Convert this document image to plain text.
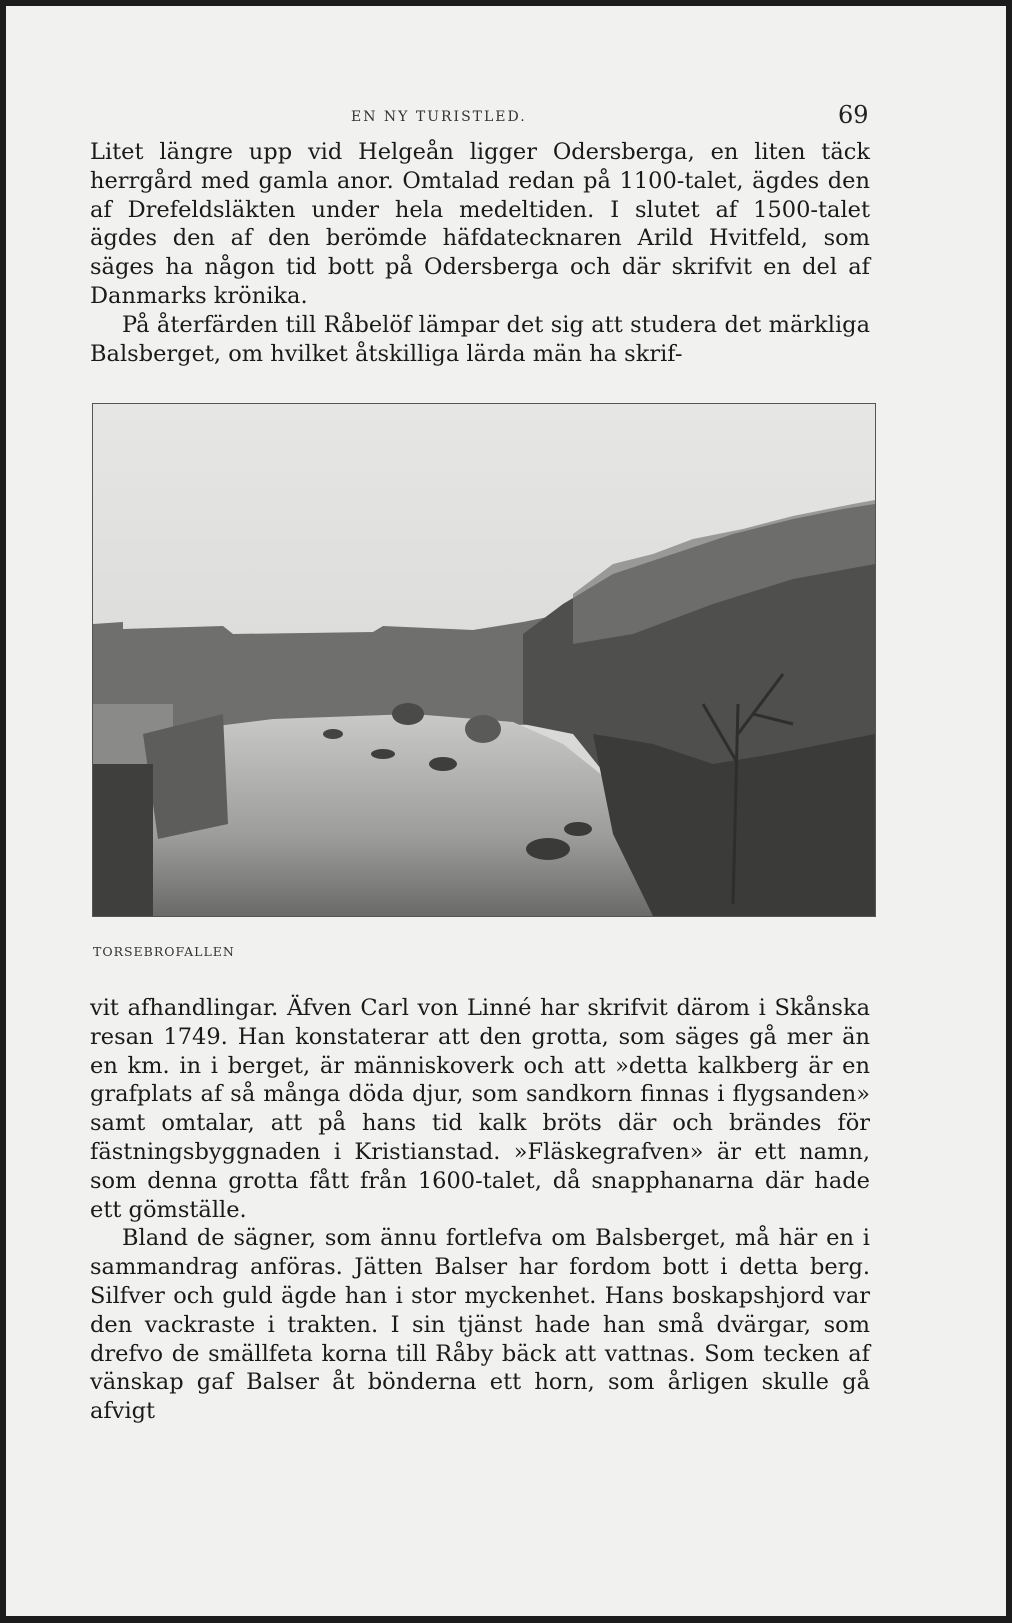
EN NY TURISTLED.	69

Litet längre upp vid Helgeån ligger Odersberga, en liten täck herrgård med gamla anor. Omtalad redan på 1100-talet, ägdes den af Drefeldsläkten under hela medeltiden. I slutet af 1500-talet ägdes den af den berömde häfdatecknaren Arild Hvitfeld, som säges ha någon tid bott på Odersberga och där skrifvit en del af Danmarks krönika.

På återfärden till Råbelöf lämpar det sig att studera det märkliga Balsberget, om hvilket åtskilliga lärda män ha skrif-

TORSEBROFALLEN

vit afhandlingar. Äfven Carl von Linné har skrifvit därom i Skånska resan 1749. Han konstaterar att den grotta, som säges gå mer än en km. in i berget, är människoverk och att »detta kalkberg är en grafplats af så många döda djur, som sandkorn finnas i flygsanden» samt omtalar, att på hans tid kalk bröts där och brändes för fästningsbyggnaden i Kristianstad. »Fläskegrafven» är ett namn, som denna grotta fått från 1600-talet, då snapphanarna där hade ett gömställe.

Bland de sägner, som ännu fortlefva om Balsberget, må här en i sammandrag anföras. Jätten Balser har fordom bott i detta berg. Silfver och guld ägde han i stor myckenhet. Hans boskapshjord var den vackraste i trakten. I sin tjänst hade han små dvärgar, som drefvo de smällfeta korna till Råby bäck att vattnas. Som tecken af vänskap gaf Balser åt bönderna ett horn, som årligen skulle gå afvigt
